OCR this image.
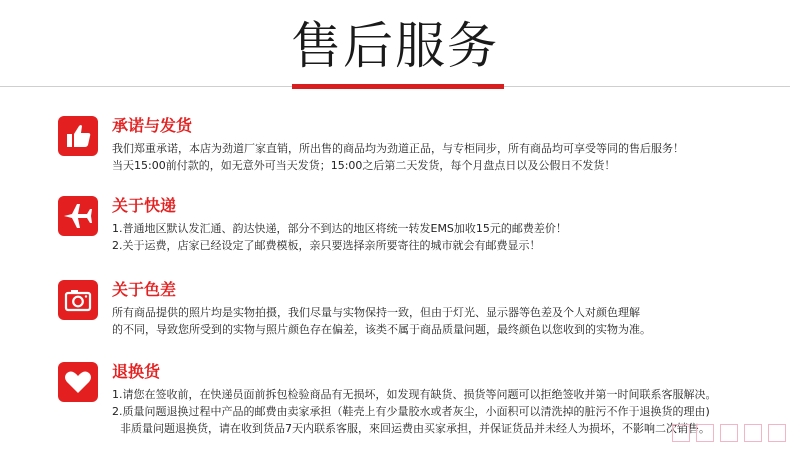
售后服务
承诺与发货
我们郑重承诺，本店为劲道厂家直销，所出售的商品均为劲道正品，与专柜同步，所有商品均可享受等同的售后服务！
当天15:00前付款的，如无意外可当天发货；15:00之后第二天发货，每个月盘点日以及公假日不发货！
关于快递
1.普通地区默认发汇通、韵达快递，部分不到达的地区将统一转发EMS加收15元的邮费差价！
2.关于运费，店家已经设定了邮费模板，亲只要选择亲所要寄往的城市就会有邮费显示！
关于色差
所有商品提供的照片均是实物拍摄，我们尽量与实物保持一致，但由于灯光、显示器等色差及个人对颜色理解
的不同，导致您所受到的实物与照片颜色存在偏差，该类不属于商品质量问题，最终颜色以您收到的实物为准。
退换货
1.请您在签收前，在快递员面前拆包检验商品有无损坏，如发现有缺货、损货等问题可以拒绝签收并第一时间联系客服解决。
2.质量问题退换过程中产品的邮费由卖家承担（鞋壳上有少量胶水或者灰尘，小面积可以清洗掉的脏污不作于退换货的理由)
非质量问题退换货，请在收到货品7天内联系客服，來回运费由买家承担，并保证货品并未经人为损坏，不影响二次销售。
